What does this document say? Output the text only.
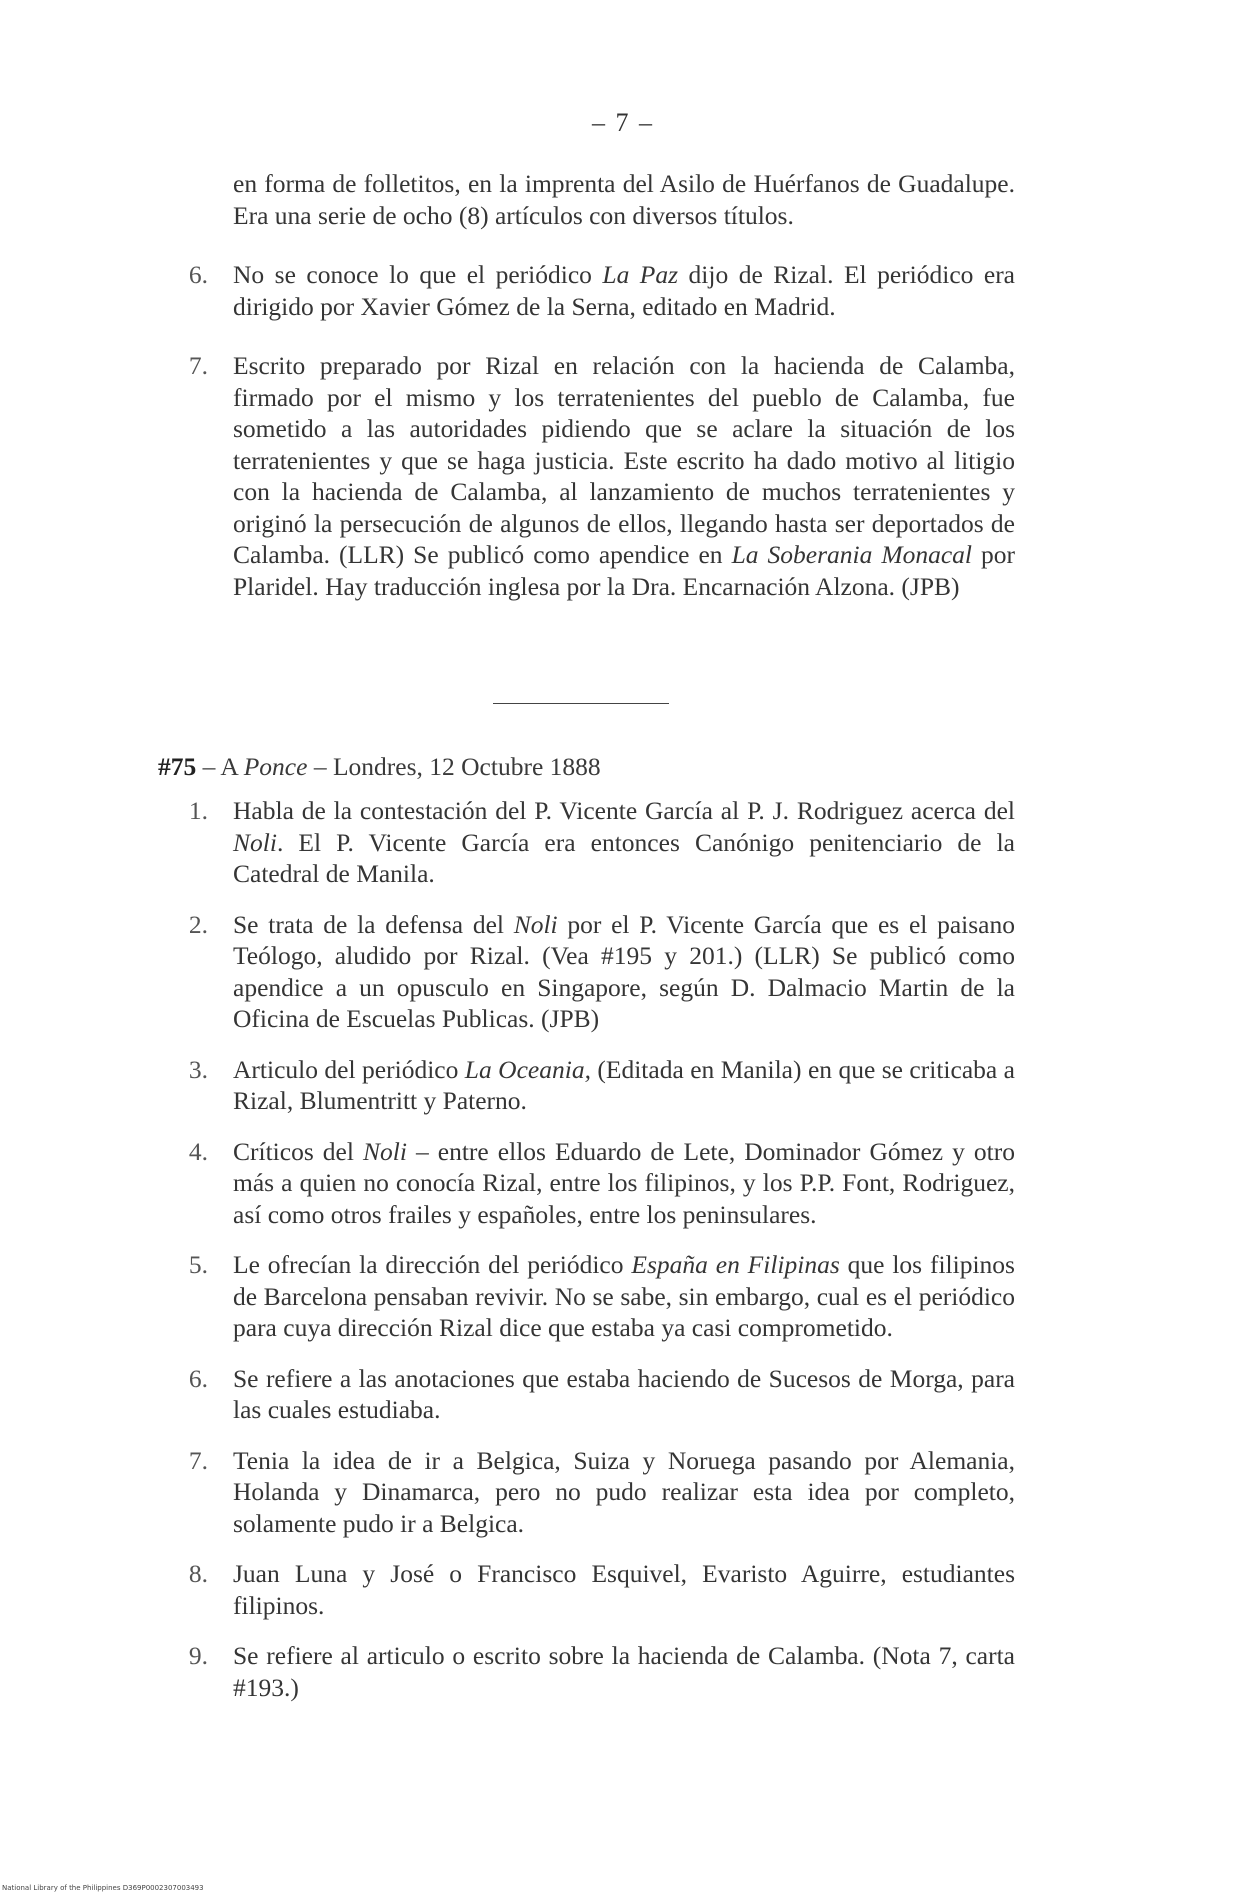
– 7 –

en forma de folletitos, en la imprenta del Asilo de Huérfanos de Guadalupe. Era una serie de ocho (8) artículos con diversos títulos.

6. No se conoce lo que el periódico La Paz dijo de Rizal. El periódico era dirigido por Xavier Gómez de la Serna, editado en Madrid.

7. Escrito preparado por Rizal en relación con la hacienda de Calamba, firmado por el mismo y los terratenientes del pueblo de Calamba, fue sometido a las autoridades pidiendo que se aclare la situación de los terratenientes y que se haga justicia. Este escrito ha dado motivo al litigio con la hacienda de Calamba, al lanzamiento de muchos terratenientes y originó la persecución de algunos de ellos, llegando hasta ser deportados de Calamba. (LLR) Se publicó como apendice en La Soberania Monacal por Plaridel. Hay traducción inglesa por la Dra. Encarnación Alzona. (JPB)

#75 – A Ponce – Londres, 12 Octubre 1888

1. Habla de la contestación del P. Vicente García al P. J. Rodriguez acerca del Noli. El P. Vicente García era entonces Canónigo penitenciario de la Catedral de Manila.

2. Se trata de la defensa del Noli por el P. Vicente García que es el paisano Teólogo, aludido por Rizal. (Vea #195 y 201.) (LLR) Se publicó como apendice a un opusculo en Singapore, según D. Dalmacio Martin de la Oficina de Escuelas Publicas. (JPB)

3. Articulo del periódico La Oceania, (Editada en Manila) en que se criticaba a Rizal, Blumentritt y Paterno.

4. Críticos del Noli – entre ellos Eduardo de Lete, Dominador Gómez y otro más a quien no conocía Rizal, entre los filipinos, y los P.P. Font, Rodriguez, así como otros frailes y españoles, entre los peninsulares.

5. Le ofrecían la dirección del periódico España en Filipinas que los filipinos de Barcelona pensaban revivir. No se sabe, sin embargo, cual es el periódico para cuya dirección Rizal dice que estaba ya casi comprometido.

6. Se refiere a las anotaciones que estaba haciendo de Sucesos de Morga, para las cuales estudiaba.

7. Tenia la idea de ir a Belgica, Suiza y Noruega pasando por Alemania, Holanda y Dinamarca, pero no pudo realizar esta idea por completo, solamente pudo ir a Belgica.

8. Juan Luna y José o Francisco Esquivel, Evaristo Aguirre, estudiantes filipinos.

9. Se refiere al articulo o escrito sobre la hacienda de Calamba. (Nota 7, carta #193.)

National Library of the Philippines D369P0002307003493
